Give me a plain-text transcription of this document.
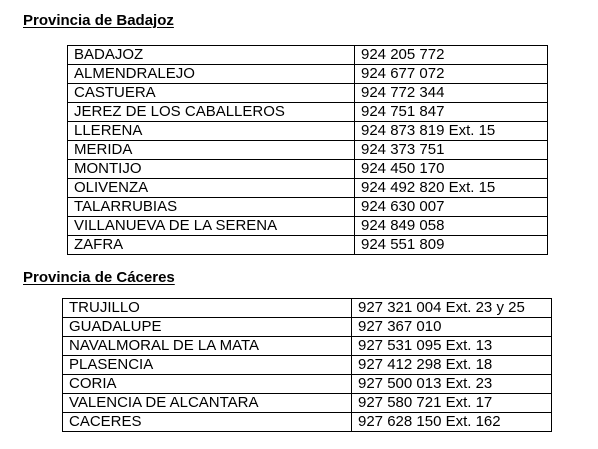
Provincia de Badajoz
BADAJOZ	924 205 772
ALMENDRALEJO	924 677 072
CASTUERA	924 772 344
JEREZ DE LOS CABALLEROS	924 751 847
LLERENA	924 873 819 Ext. 15
MERIDA	924 373 751
MONTIJO	924 450 170
OLIVENZA	924 492 820 Ext. 15
TALARRUBIAS	924 630 007
VILLANUEVA DE LA SERENA	924 849 058
ZAFRA	924 551 809
Provincia de Cáceres
TRUJILLO	927 321 004 Ext. 23 y 25
GUADALUPE	927 367 010
NAVALMORAL DE LA MATA	927 531 095 Ext. 13
PLASENCIA	927 412 298 Ext. 18
CORIA	927 500 013 Ext. 23
VALENCIA DE ALCANTARA	927 580 721 Ext. 17
CACERES	927 628 150 Ext. 162
